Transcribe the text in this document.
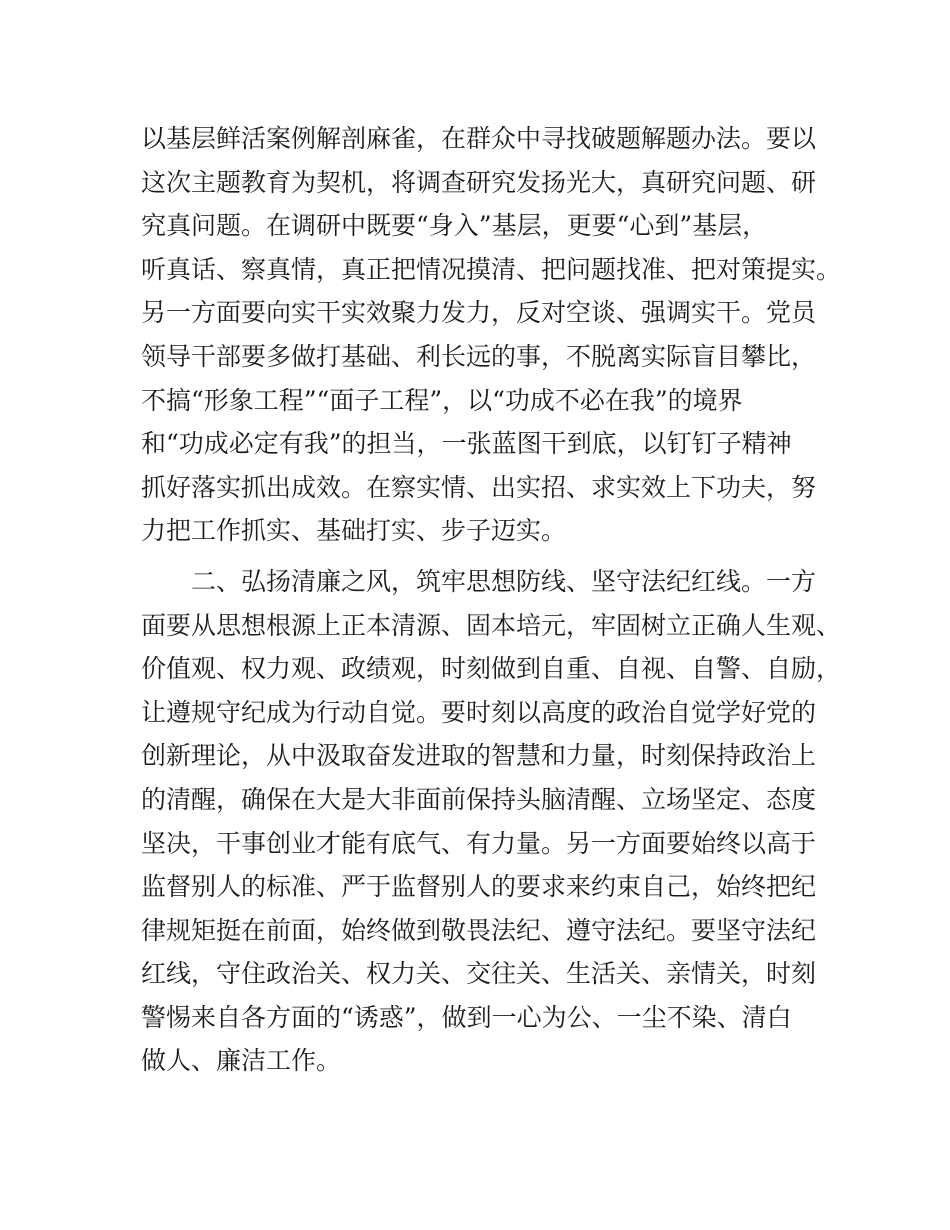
以基层鲜活案例解剖麻雀，在群众中寻找破题解题办法。要以
这次主题教育为契机，将调查研究发扬光大，真研究问题、研
究真问题。在调研中既要“身入”基层，更要“心到”基层，
听真话、察真情，真正把情况摸清、把问题找准、把对策提实。
另一方面要向实干实效聚力发力，反对空谈、强调实干。党员
领导干部要多做打基础、利长远的事，不脱离实际盲目攀比，
不搞“形象工程”“面子工程”，以“功成不必在我”的境界
和“功成必定有我”的担当，一张蓝图干到底，以钉钉子精神
抓好落实抓出成效。在察实情、出实招、求实效上下功夫，努
力把工作抓实、基础打实、步子迈实。
二、弘扬清廉之风，筑牢思想防线、坚守法纪红线。一方
面要从思想根源上正本清源、固本培元，牢固树立正确人生观、
价值观、权力观、政绩观，时刻做到自重、自视、自警、自励，
让遵规守纪成为行动自觉。要时刻以高度的政治自觉学好党的
创新理论，从中汲取奋发进取的智慧和力量，时刻保持政治上
的清醒，确保在大是大非面前保持头脑清醒、立场坚定、态度
坚决，干事创业才能有底气、有力量。另一方面要始终以高于
监督别人的标准、严于监督别人的要求来约束自己，始终把纪
律规矩挺在前面，始终做到敬畏法纪、遵守法纪。要坚守法纪
红线，守住政治关、权力关、交往关、生活关、亲情关，时刻
警惕来自各方面的“诱惑”，做到一心为公、一尘不染、清白
做人、廉洁工作。
